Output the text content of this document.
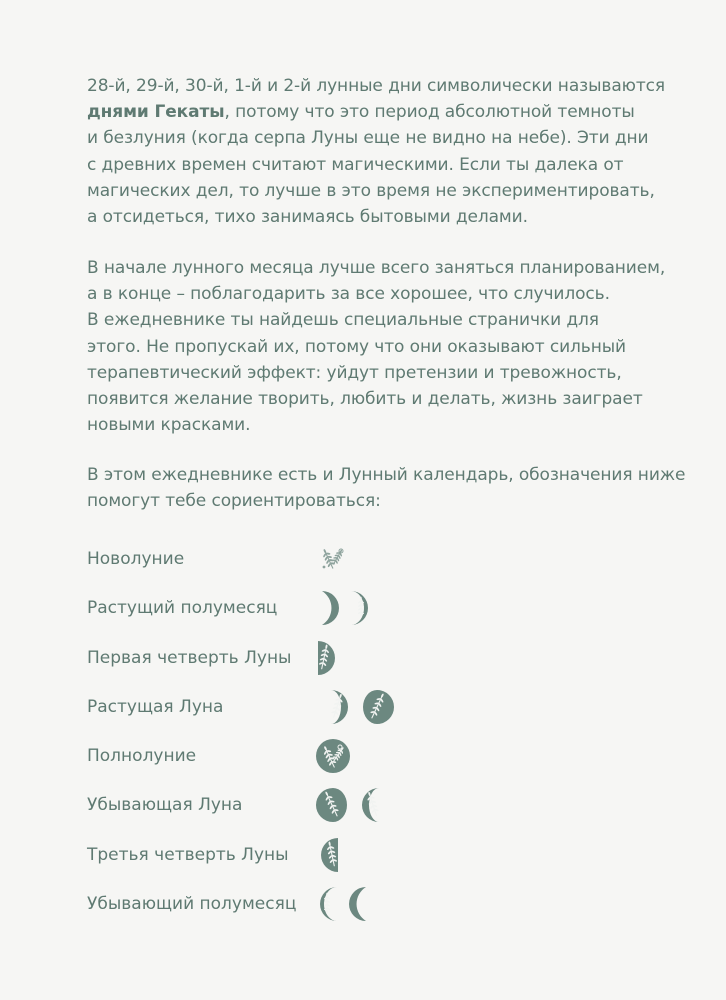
28-й, 29-й, 30-й, 1-й и 2-й лунные дни символически называются
днями Гекаты, потому что это период абсолютной темноты
и безлуния (когда серпа Луны еще не видно на небе). Эти дни
с древних времен считают магическими. Если ты далека от
магических дел, то лучше в это время не экспериментировать,
а отсидеться, тихо занимаясь бытовыми делами.
В начале лунного месяца лучше всего заняться планированием,
а в конце – поблагодарить за все хорошее, что случилось.
В ежедневнике ты найдешь специальные странички для
этого. Не пропускай их, потому что они оказывают сильный
терапевтический эффект: уйдут претензии и тревожность,
появится желание творить, любить и делать, жизнь заиграет
новыми красками.
В этом ежедневнике есть и Лунный календарь, обозначения ниже
помогут тебе сориентироваться:
Новолуние
Растущий полумесяц
Первая четверть Луны
Растущая Луна
Полнолуние
Убывающая Луна
Третья четверть Луны
Убывающий полумесяц
